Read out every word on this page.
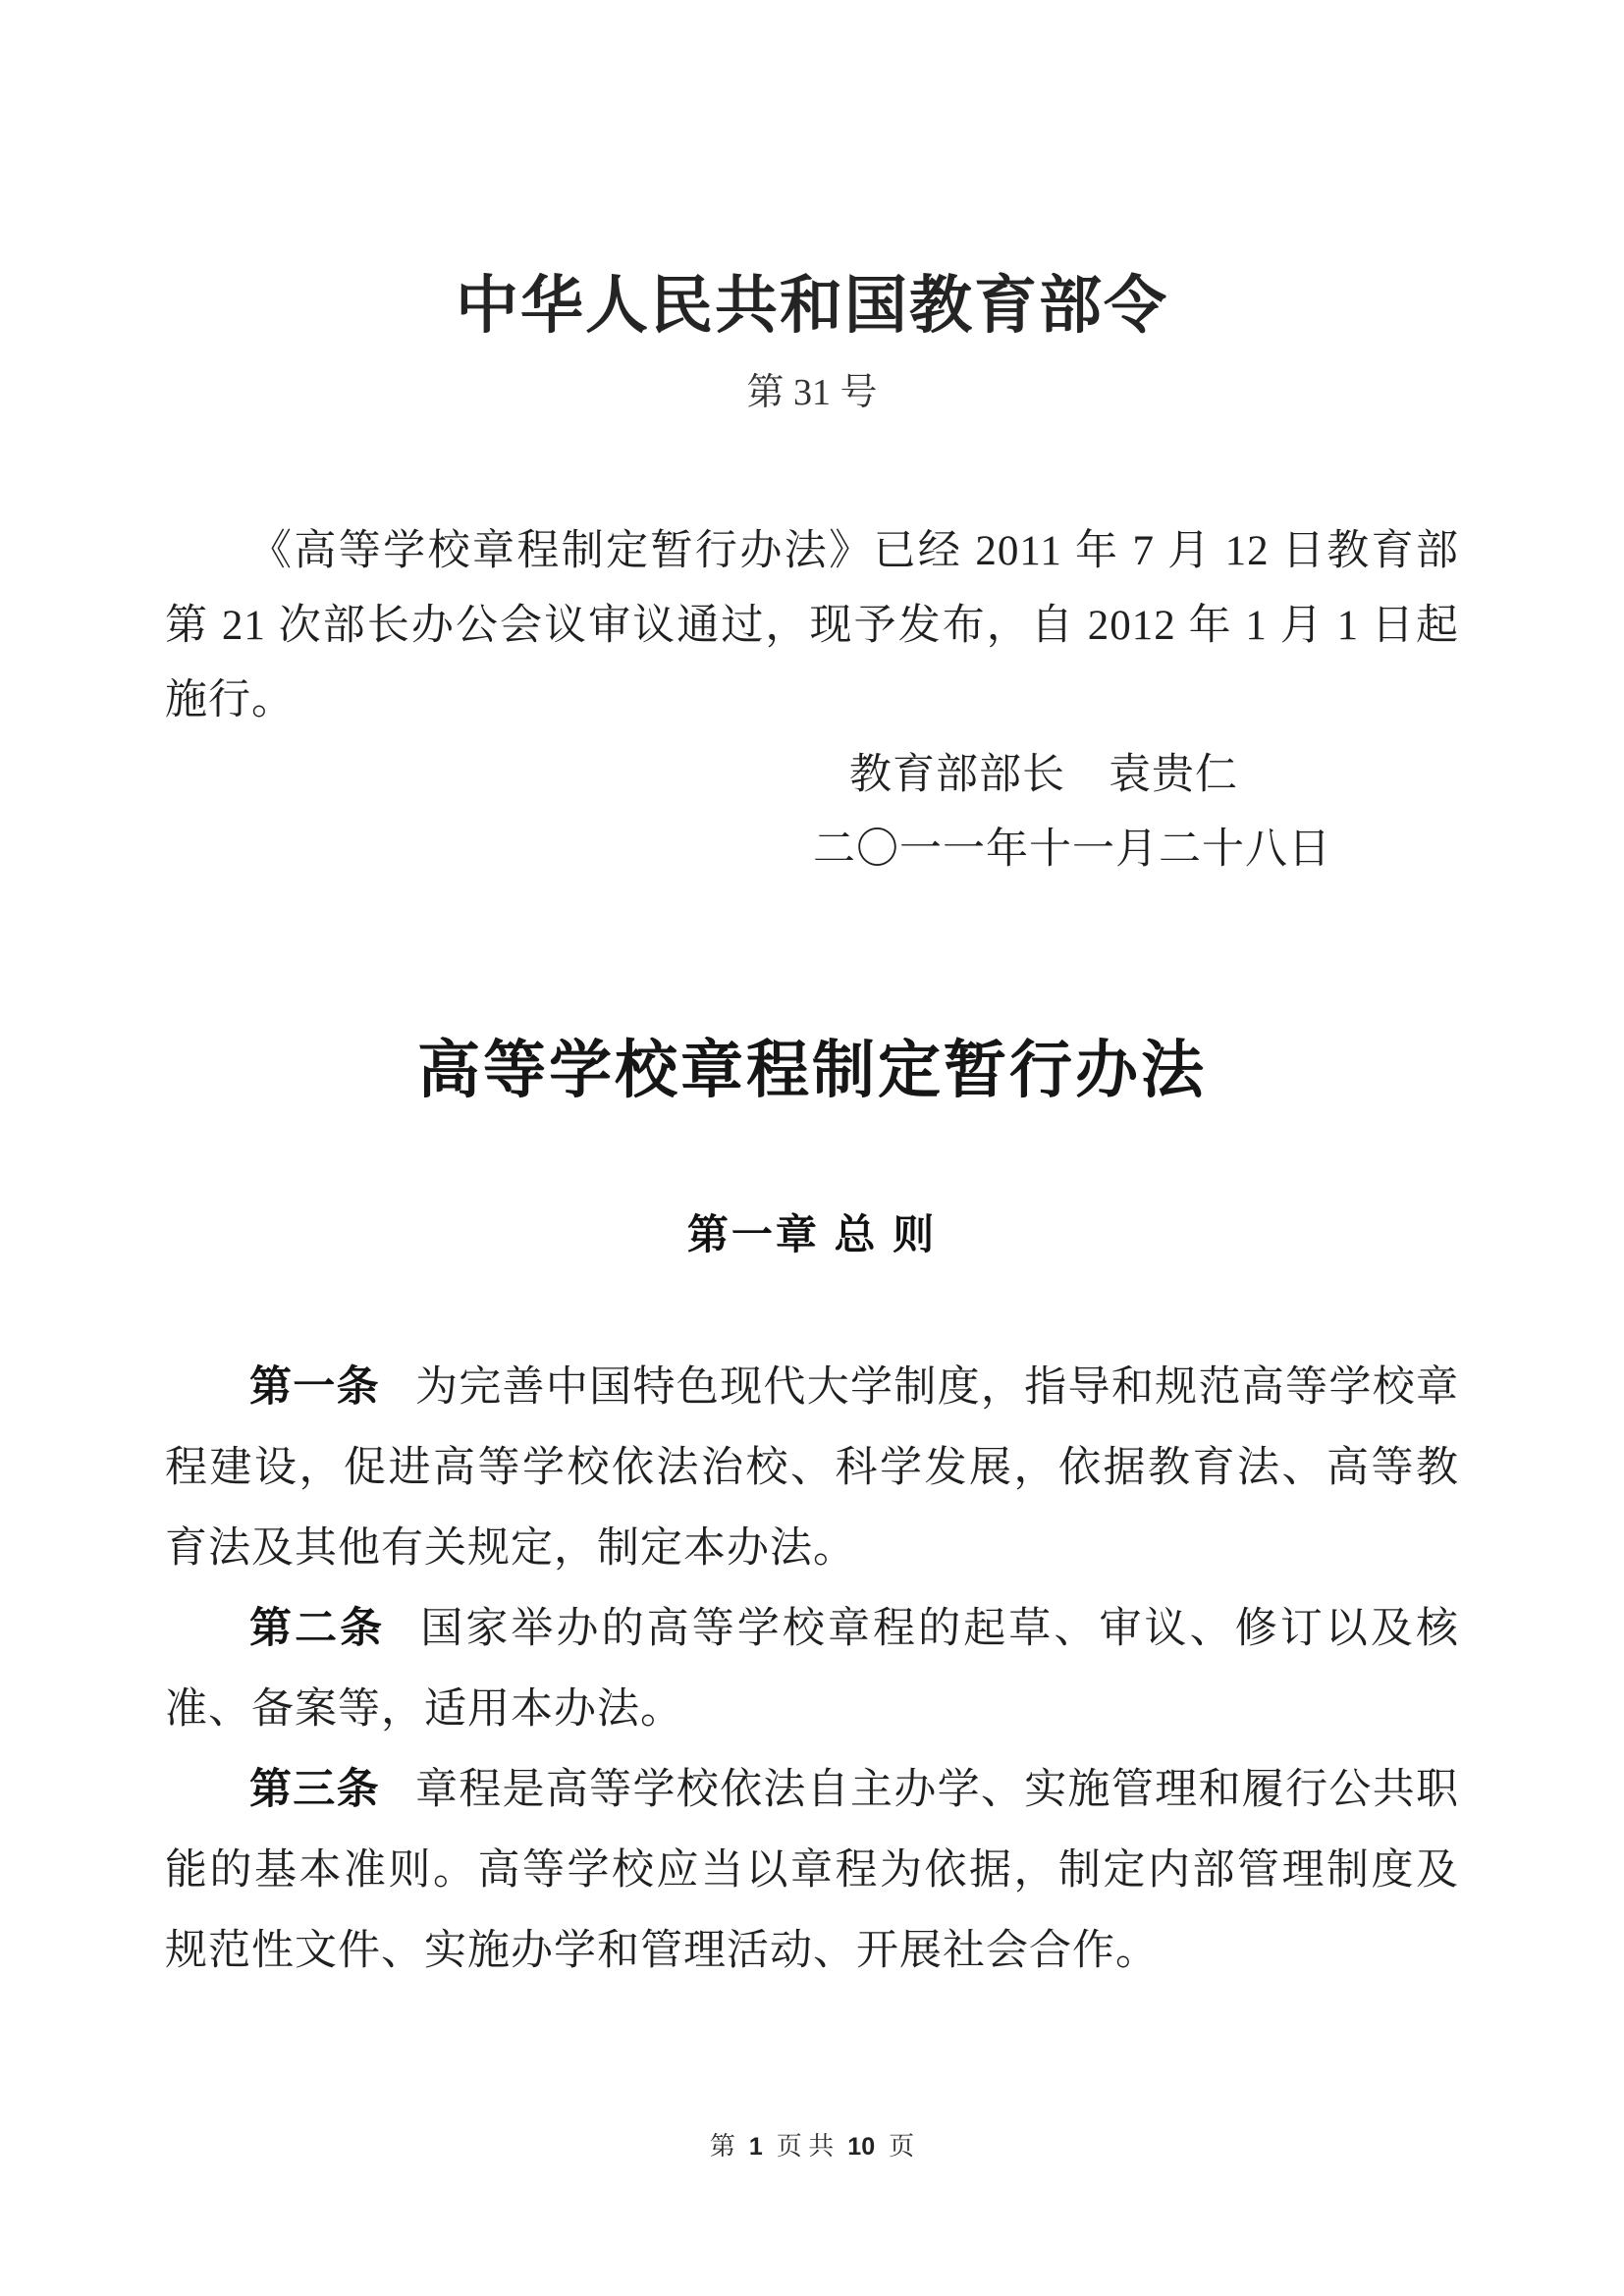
中华人民共和国教育部令
第 31 号

《高等学校章程制定暂行办法》已经 2011 年 7 月 12 日教育部第 21 次部长办公会议审议通过，现予发布，自 2012 年 1 月 1 日起施行。

教育部部长　袁贵仁
二〇一一年十一月二十八日
高等学校章程制定暂行办法
第一章 总 则

第一条 为完善中国特色现代大学制度，指导和规范高等学校章程建设，促进高等学校依法治校、科学发展，依据教育法、高等教育法及其他有关规定，制定本办法。

第二条 国家举办的高等学校章程的起草、审议、修订以及核准、备案等，适用本办法。

第三条 章程是高等学校依法自主办学、实施管理和履行公共职能的基本准则。高等学校应当以章程为依据，制定内部管理制度及规范性文件、实施办学和管理活动、开展社会合作。

第 1 页 共 10 页
